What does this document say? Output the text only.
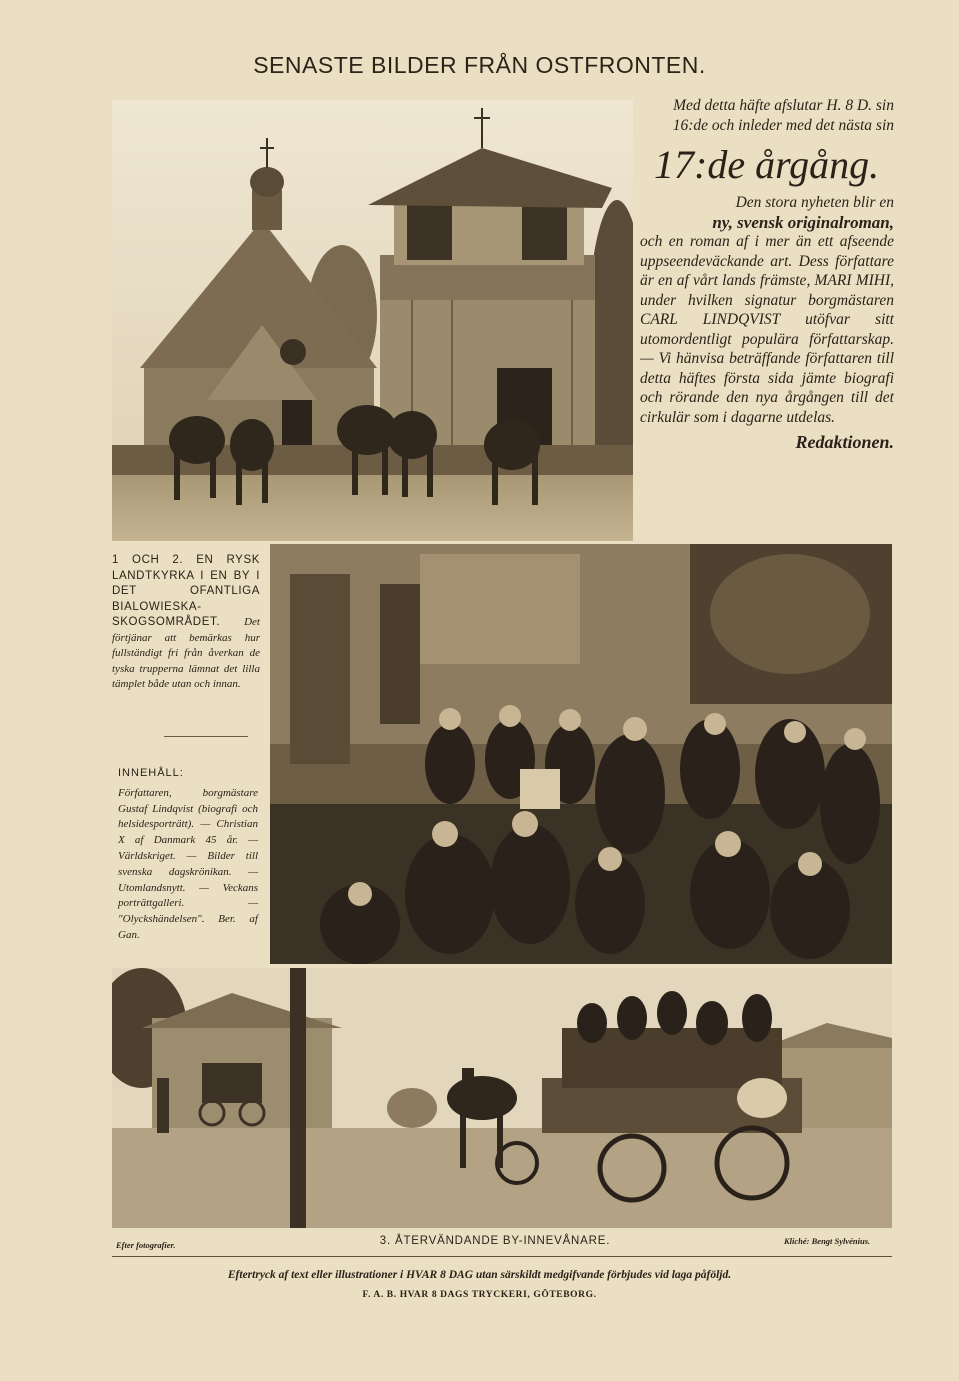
SENASTE BILDER FRÅN OSTFRONTEN.
Med detta häfte afslutar H. 8 D. sin 16:de och inleder med det nästa sin
17:de årgång.
Den stora nyheten blir en
ny, svensk originalroman,
och en roman af i mer än ett afseende uppseendeväckande art. Dess författare är en af vårt lands främste, MARI MIHI, under hvilken signatur borgmästaren CARL LINDQVIST utöfvar sitt utomordentligt populära författarskap. — Vi hänvisa beträffande författaren till detta häftes första sida jämte biografi och rörande den nya årgången till det cirkulär som i dagarne utdelas.
Redaktionen.
1 OCH 2. EN RYSK LANDTKYRKA I EN BY I DET OFANTLIGA BIALOWIESKA-SKOGSOMRÅDET. Det förtjänar att bemärkas hur fullständigt fri från åverkan de tyska trupperna lämnat det lilla tämplet både utan och innan.
INNEHÅLL:
Författaren, borgmästare Gustaf Lindqvist (biografi och helsidesporträtt). — Christian X af Danmark 45 år. — Världskriget. — Bilder till svenska dagskrönikan. — Utomlandsnytt. — Veckans porträttgalleri. — "Olyckshändelsen". Ber. af Gan.
Efter fotografier.	3. ÅTERVÄNDANDE BY-INNEVÅNARE.	Kliché: Bengt Sylvénius.
Eftertryck af text eller illustrationer i HVAR 8 DAG utan särskildt medgifvande förbjudes vid laga påföljd.
F. A. B. HVAR 8 DAGS TRYCKERI, GÖTEBORG.
